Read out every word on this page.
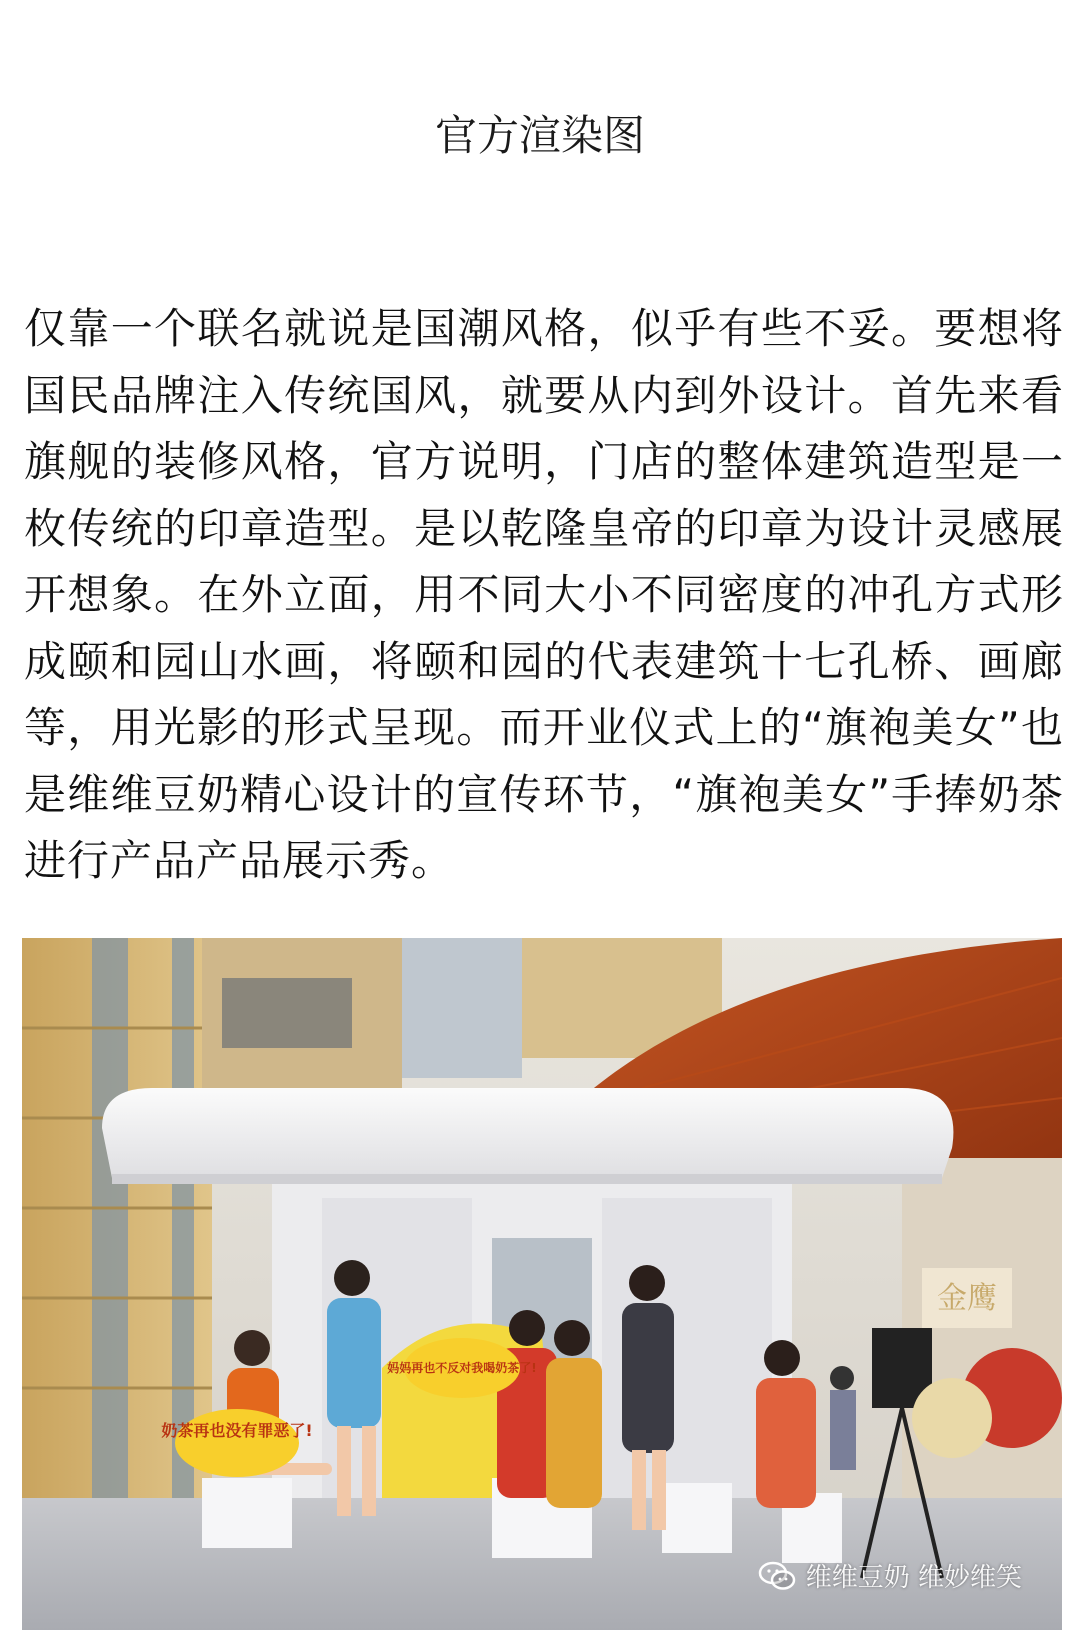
官方渲染图
仅靠一个联名就说是国潮风格，似乎有些不妥。要想将国民品牌注入传统国风，就要从内到外设计。首先来看旗舰的装修风格，官方说明，门店的整体建筑造型是一枚传统的印章造型。是以乾隆皇帝的印章为设计灵感展开想象。在外立面，用不同大小不同密度的冲孔方式形成颐和园山水画，将颐和园的代表建筑十七孔桥、画廊等，用光影的形式呈现。而开业仪式上的“旗袍美女”也是维维豆奶精心设计的宣传环节，“旗袍美女”手捧奶茶进行产品产品展示秀。
金鹰
奶茶再也没有罪恶了!
妈妈再也不反对我喝奶茶了!
维维豆奶 维妙维笑
